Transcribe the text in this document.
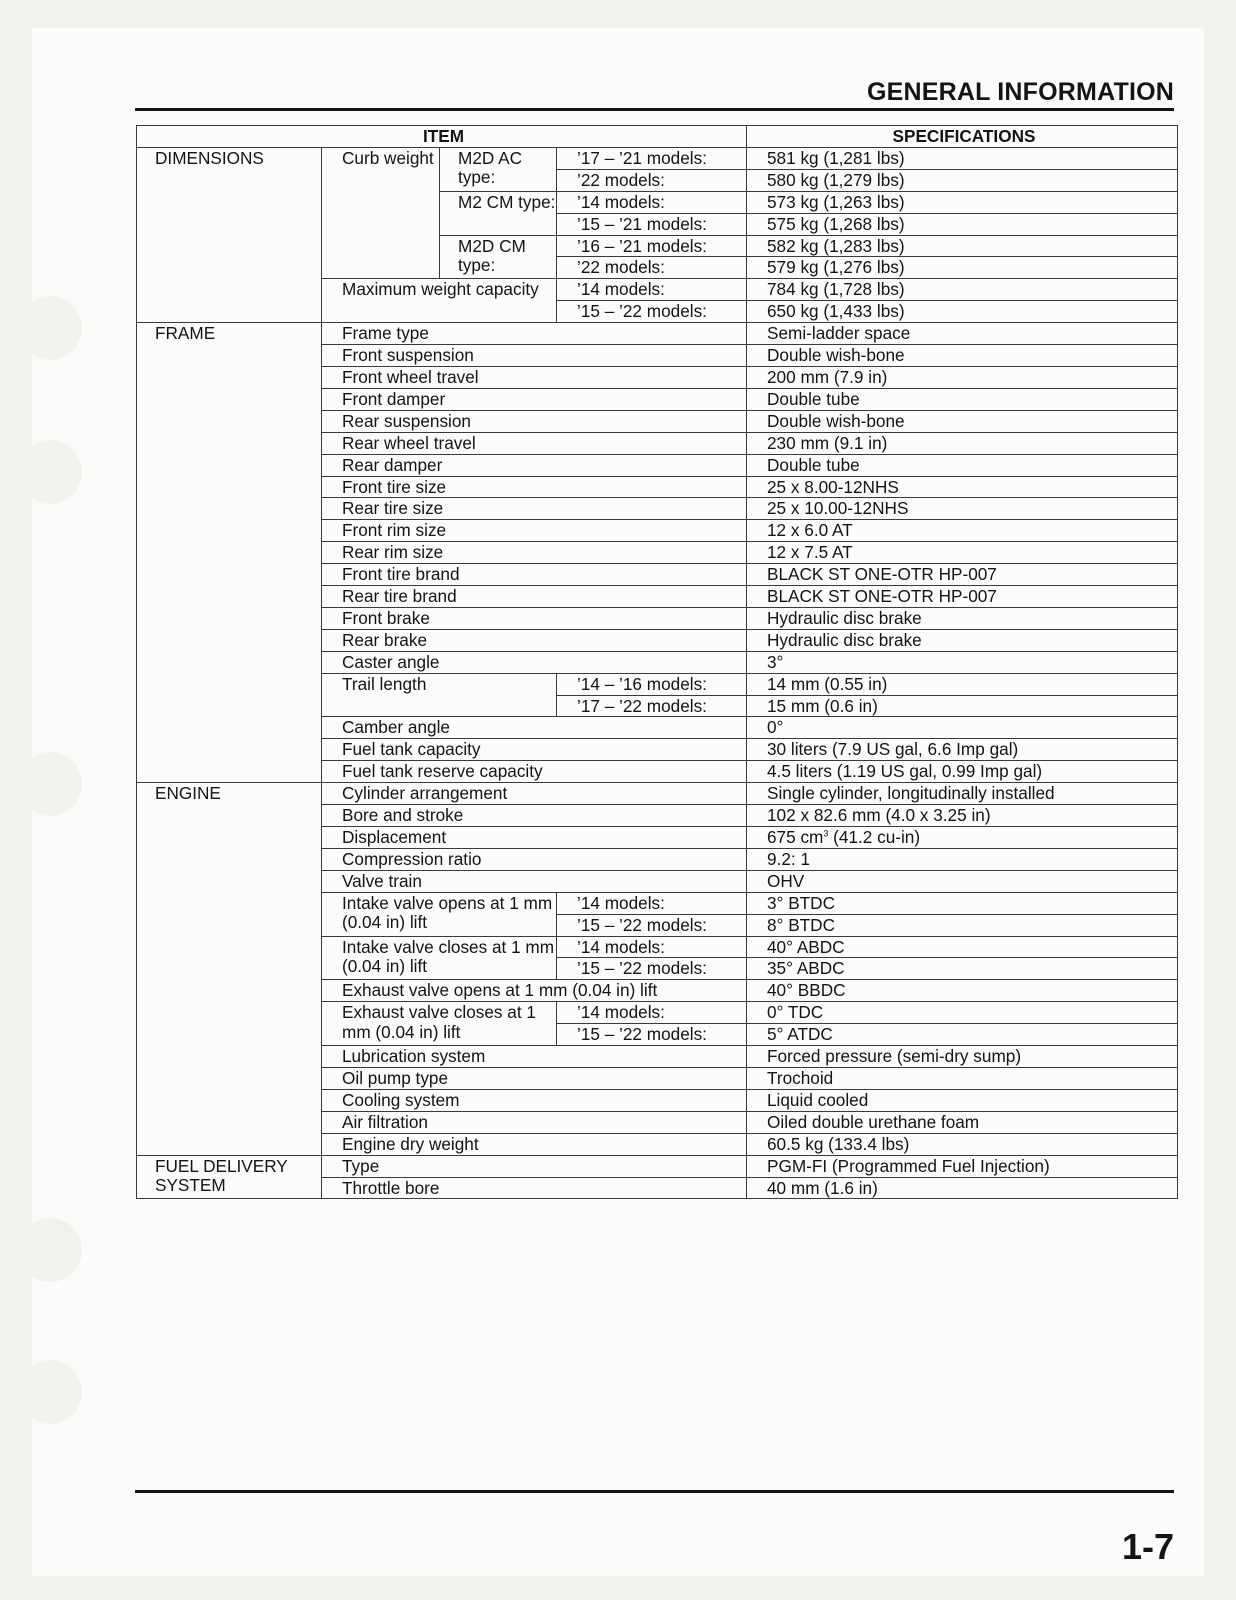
GENERAL INFORMATION
ITEM				SPECIFICATIONS
DIMENSIONS	Curb weight	M2D AC type:	’17 – ’21 models:	581 kg (1,281 lbs)
			’22 models:	580 kg (1,279 lbs)
		M2 CM type:	’14 models:	573 kg (1,263 lbs)
			’15 – ’21 models:	575 kg (1,268 lbs)
		M2D CM type:	’16 – ’21 models:	582 kg (1,283 lbs)
			’22 models:	579 kg (1,276 lbs)
	Maximum weight capacity		’14 models:	784 kg (1,728 lbs)
			’15 – ’22 models:	650 kg (1,433 lbs)
FRAME	Frame type			Semi-ladder space
	Front suspension			Double wish-bone
	Front wheel travel			200 mm (7.9 in)
	Front damper			Double tube
	Rear suspension			Double wish-bone
	Rear wheel travel			230 mm (9.1 in)
	Rear damper			Double tube
	Front tire size			25 x 8.00-12NHS
	Rear tire size			25 x 10.00-12NHS
	Front rim size			12 x 6.0 AT
	Rear rim size			12 x 7.5 AT
	Front tire brand			BLACK ST ONE-OTR HP-007
	Rear tire brand			BLACK ST ONE-OTR HP-007
	Front brake			Hydraulic disc brake
	Rear brake			Hydraulic disc brake
	Caster angle			3°
	Trail length		’14 – ’16 models:	14 mm (0.55 in)
			’17 – ’22 models:	15 mm (0.6 in)
	Camber angle			0°
	Fuel tank capacity			30 liters (7.9 US gal, 6.6 Imp gal)
	Fuel tank reserve capacity			4.5 liters (1.19 US gal, 0.99 Imp gal)
ENGINE	Cylinder arrangement			Single cylinder, longitudinally installed
	Bore and stroke			102 x 82.6 mm (4.0 x 3.25 in)
	Displacement			675 $cm^3$ (41.2 cu-in)
	Compression ratio			9.2: 1
	Valve train			OHV
	Intake valve opens at 1 mm (0.04 in) lift		’14 models:	3° BTDC
			’15 – ’22 models:	8° BTDC
	Intake valve closes at 1 mm (0.04 in) lift		’14 models:	40° ABDC
			’15 – ’22 models:	35° ABDC
	Exhaust valve opens at 1 mm (0.04 in) lift			40° BBDC
	Exhaust valve closes at 1 mm (0.04 in) lift		’14 models:	0° TDC
			’15 – ’22 models:	5° ATDC
	Lubrication system			Forced pressure (semi-dry sump)
	Oil pump type			Trochoid
	Cooling system			Liquid cooled
	Air filtration			Oiled double urethane foam
	Engine dry weight			60.5 kg (133.4 lbs)
FUEL DELIVERY SYSTEM	Type			PGM-FI (Programmed Fuel Injection)
	Throttle bore			40 mm (1.6 in)
1-7
